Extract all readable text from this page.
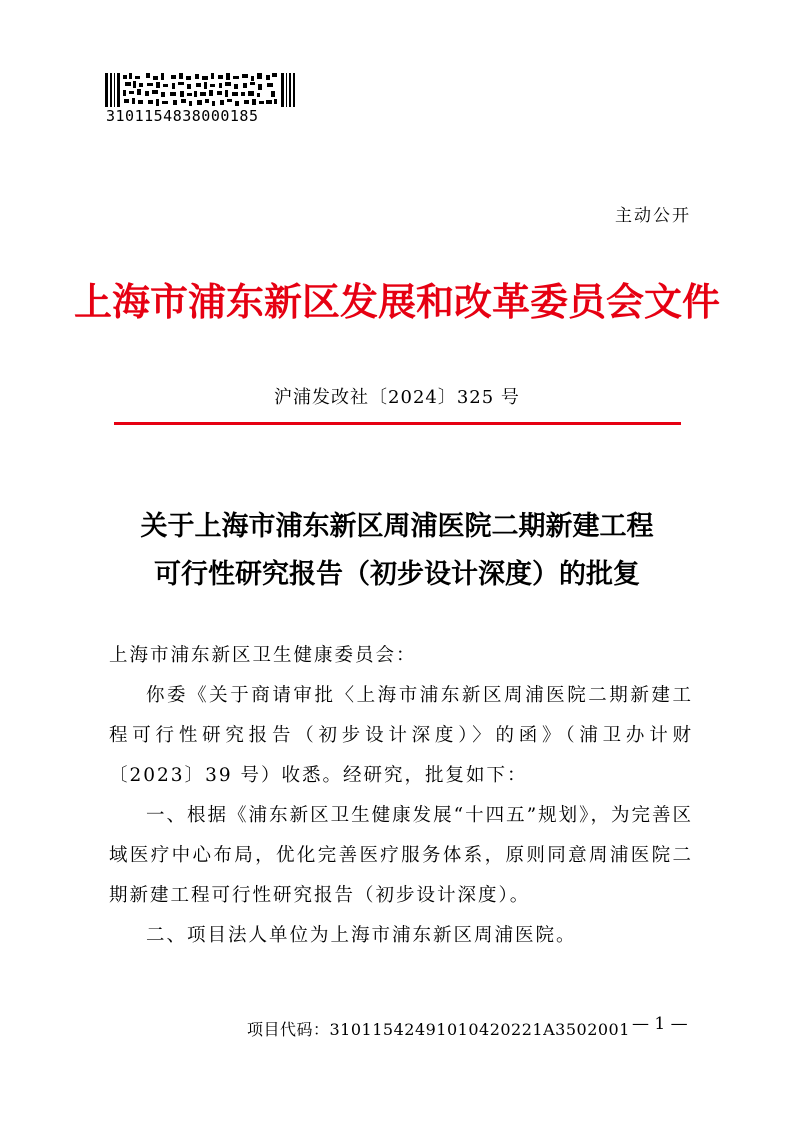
3101154838000185
主动公开
上海市浦东新区发展和改革委员会文件
沪浦发改社〔2024〕325 号
关于上海市浦东新区周浦医院二期新建工程
可行性研究报告（初步设计深度）的批复

上海市浦东新区卫生健康委员会：

你委《关于商请审批〈上海市浦东新区周浦医院二期新建工程可行性研究报告（初步设计深度）〉的函》（浦卫办计财〔2023〕39 号）收悉。经研究，批复如下：

一、根据《浦东新区卫生健康发展“十四五”规划》，为完善区域医疗中心布局，优化完善医疗服务体系，原则同意周浦医院二期新建工程可行性研究报告（初步设计深度）。

二、项目法人单位为上海市浦东新区周浦医院。

项目代码：31011542491010420221A3502001 — 1 —
